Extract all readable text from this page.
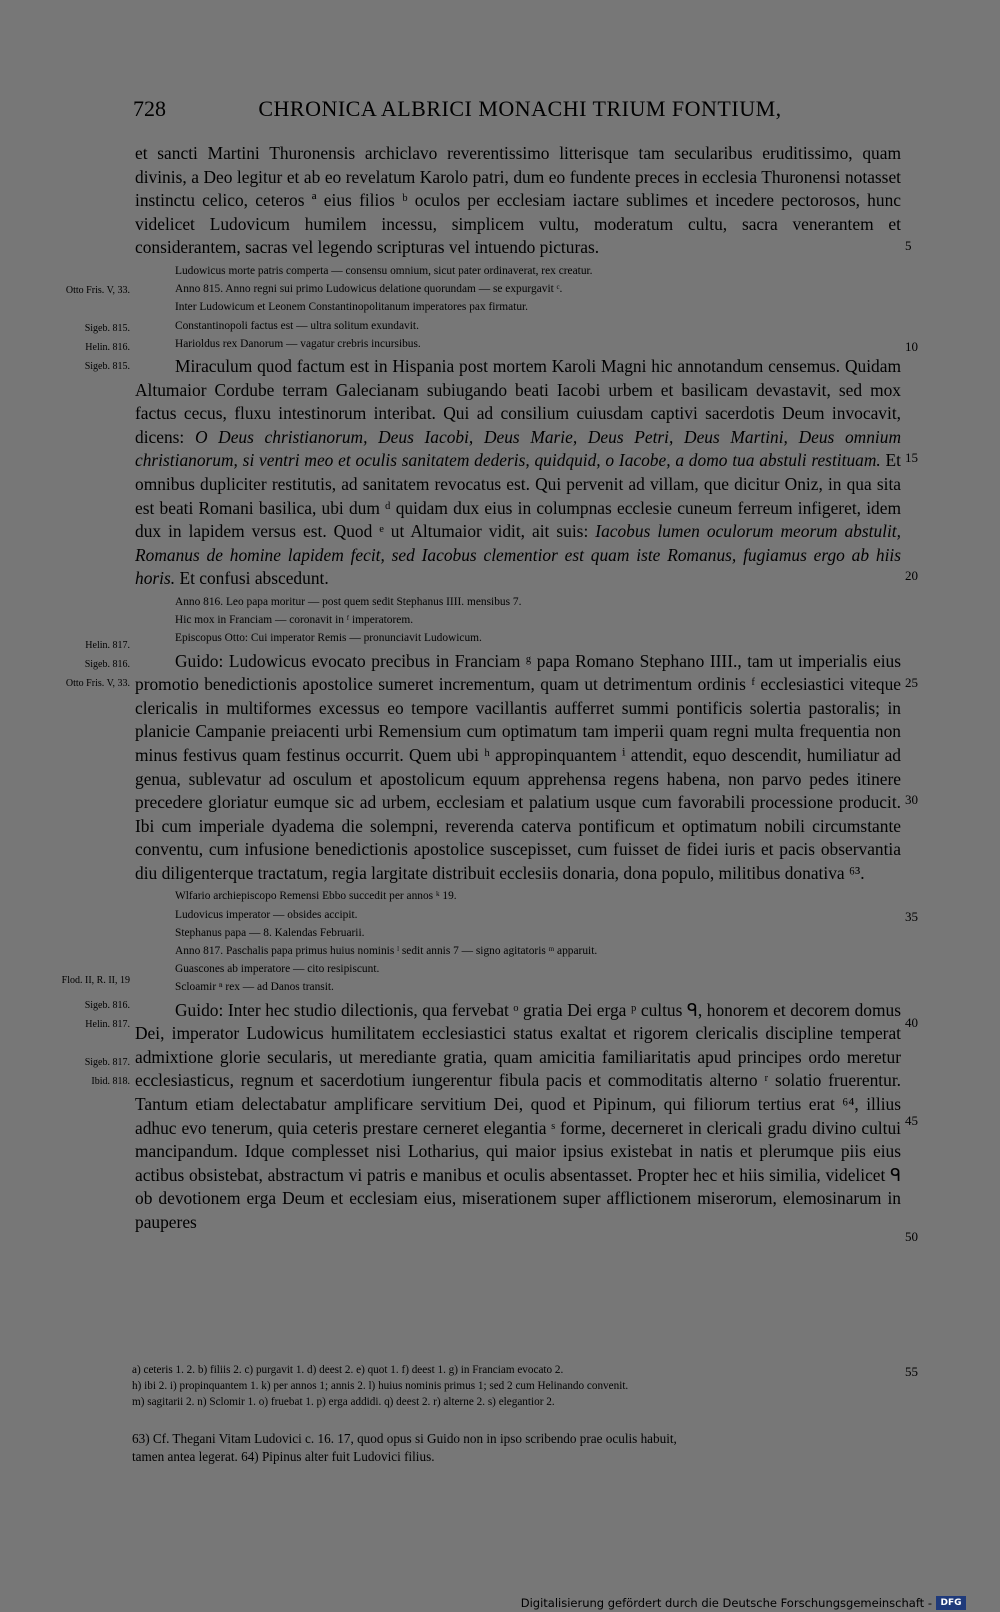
728	CHRONICA ALBRICI MONACHI TRIUM FONTIUM,
Otto Fris. V, 33.
Sigeb. 815.
Helin. 816.
Sigeb. 815.
Helin. 817.
Sigeb. 816.
Otto Fris. V, 33.
Flod. II, R. II, 19
Sigeb. 816.
Helin. 817.
Sigeb. 817.
Ibid. 818.
5
10
15
20
25
30
35
40
45
50
55

et sancti Martini Thuronensis archiclavo reverentissimo litterisque tam secularibus eruditissimo, quam divinis, a Deo legitur et ab eo revelatum Karolo patri, dum eo fundente preces in ecclesia Thuronensi notasset instinctu celico, ceteros ª eius filios ᵇ oculos per ecclesiam iactare sublimes et incedere pectorosos, hunc videlicet Ludovicum humilem incessu, simplicem vultu, moderatum cultu, sacra venerantem et considerantem, sacras vel legendo scripturas vel intuendo picturas.

Ludowicus morte patris comperta — consensu omnium, sicut pater ordinaverat, rex creatur.
Anno 815. Anno regni sui primo Ludowicus delatione quorundam — se expurgavit ᶜ.
Inter Ludowicum et Leonem Constantinopolitanum imperatores pax firmatur.
Constantinopoli factus est — ultra solitum exundavit.
Harioldus rex Danorum — vagatur crebris incursibus.

Miraculum quod factum est in Hispania post mortem Karoli Magni hic annotandum censemus. Quidam Altumaior Cordube terram Galecianam subiugando beati Iacobi urbem et basilicam devastavit, sed mox factus cecus, fluxu intestinorum interibat. Qui ad consilium cuiusdam captivi sacerdotis Deum invocavit, dicens: O Deus christianorum, Deus Iacobi, Deus Marie, Deus Petri, Deus Martini, Deus omnium christianorum, si ventri meo et oculis sanitatem dederis, quidquid, o Iacobe, a domo tua abstuli restituam. Et omnibus dupliciter restitutis, ad sanitatem revocatus est. Qui pervenit ad villam, que dicitur Oniz, in qua sita est beati Romani basilica, ubi dum ᵈ quidam dux eius in columpnas ecclesie cuneum ferreum infigeret, idem dux in lapidem versus est. Quod ᵉ ut Altumaior vidit, ait suis: Iacobus lumen oculorum meorum abstulit, Romanus de homine lapidem fecit, sed Iacobus clementior est quam iste Romanus, fugiamus ergo ab hiis horis. Et confusi abscedunt.

Anno 816. Leo papa moritur — post quem sedit Stephanus IIII. mensibus 7.
Hic mox in Franciam — coronavit in ᶠ imperatorem.
Episcopus Otto: Cui imperator Remis — pronunciavit Ludowicum.

Guido: Ludowicus evocato precibus in Franciam ᵍ papa Romano Stephano IIII., tam ut imperialis eius promotio benedictionis apostolice sumeret incrementum, quam ut detrimentum ordinis ᶠ ecclesiastici viteque clericalis in multiformes excessus eo tempore vacillantis aufferret summi pontificis solertia pastoralis; in planicie Campanie preiacenti urbi Remensium cum optimatum tam imperii quam regni multa frequentia non minus festivus quam festinus occurrit. Quem ubi ʰ appropinquantem ⁱ attendit, equo descendit, humiliatur ad genua, sublevatur ad osculum et apostolicum equum apprehensa regens habena, non parvo pedes itinere precedere gloriatur eumque sic ad urbem, ecclesiam et palatium usque cum favorabili processione producit. Ibi cum imperiale dyadema die solempni, reverenda caterva pontificum et optimatum nobili circumstante conventu, cum infusione benedictionis apostolice suscepisset, cum fuisset de fidei iuris et pacis observantia diu diligenterque tractatum, regia largitate distribuit ecclesiis donaria, dona populo, militibus donativa ⁶³.

Wlfario archiepiscopo Remensi Ebbo succedit per annos ᵏ 19.
Ludovicus imperator — obsides accipit.
Stephanus papa — 8. Kalendas Februarii.
Anno 817. Paschalis papa primus huius nominis ˡ sedit annis 7 — signo agitatoris ᵐ apparuit.
Guascones ab imperatore — cito resipiscunt.
Scloamir ⁿ rex — ad Danos transit.

Guido: Inter hec studio dilectionis, qua fervebat ᵒ gratia Dei erga ᵖ cultus ᑫ, honorem et decorem domus Dei, imperator Ludowicus humilitatem ecclesiastici status exaltat et rigorem clericalis discipline temperat admixtione glorie secularis, ut merediante gratia, quam amicitia familiaritatis apud principes ordo meretur ecclesiasticus, regnum et sacerdotium iungerentur fibula pacis et commoditatis alterno ʳ solatio fruerentur. Tantum etiam delectabatur amplificare servitium Dei, quod et Pipinum, qui filiorum tertius erat ⁶⁴, illius adhuc evo tenerum, quia ceteris prestare cerneret elegantia ˢ forme, decerneret in clericali gradu divino cultui mancipandum. Idque complesset nisi Lotharius, qui maior ipsius existebat in natis et plerumque piis eius actibus obsistebat, abstractum vi patris e manibus et oculis absentasset. Propter hec et hiis similia, videlicet ᑫ ob devotionem erga Deum et ecclesiam eius, miserationem super afflictionem miserorum, elemosinarum in pauperes

a) ceteris 1. 2. b) filiis 2. c) purgavit 1. d) deest 2. e) quot 1. f) deest 1. g) in Franciam evocato 2.
h) ibi 2. i) propinquantem 1. k) per annos 1; annis 2. l) huius nominis primus 1; sed 2 cum Helinando convenit.
m) sagitarii 2. n) Sclomir 1. o) fruebat 1. p) erga addidi. q) deest 2. r) alterne 2. s) elegantior 2.
63) Cf. Thegani Vitam Ludovici c. 16. 17, quod opus si Guido non in ipso scribendo prae oculis habuit,
tamen antea legerat. 64) Pipinus alter fuit Ludovici filius.
Digitalisierung gefördert durch die Deutsche Forschungsgemeinschaft - DFG
